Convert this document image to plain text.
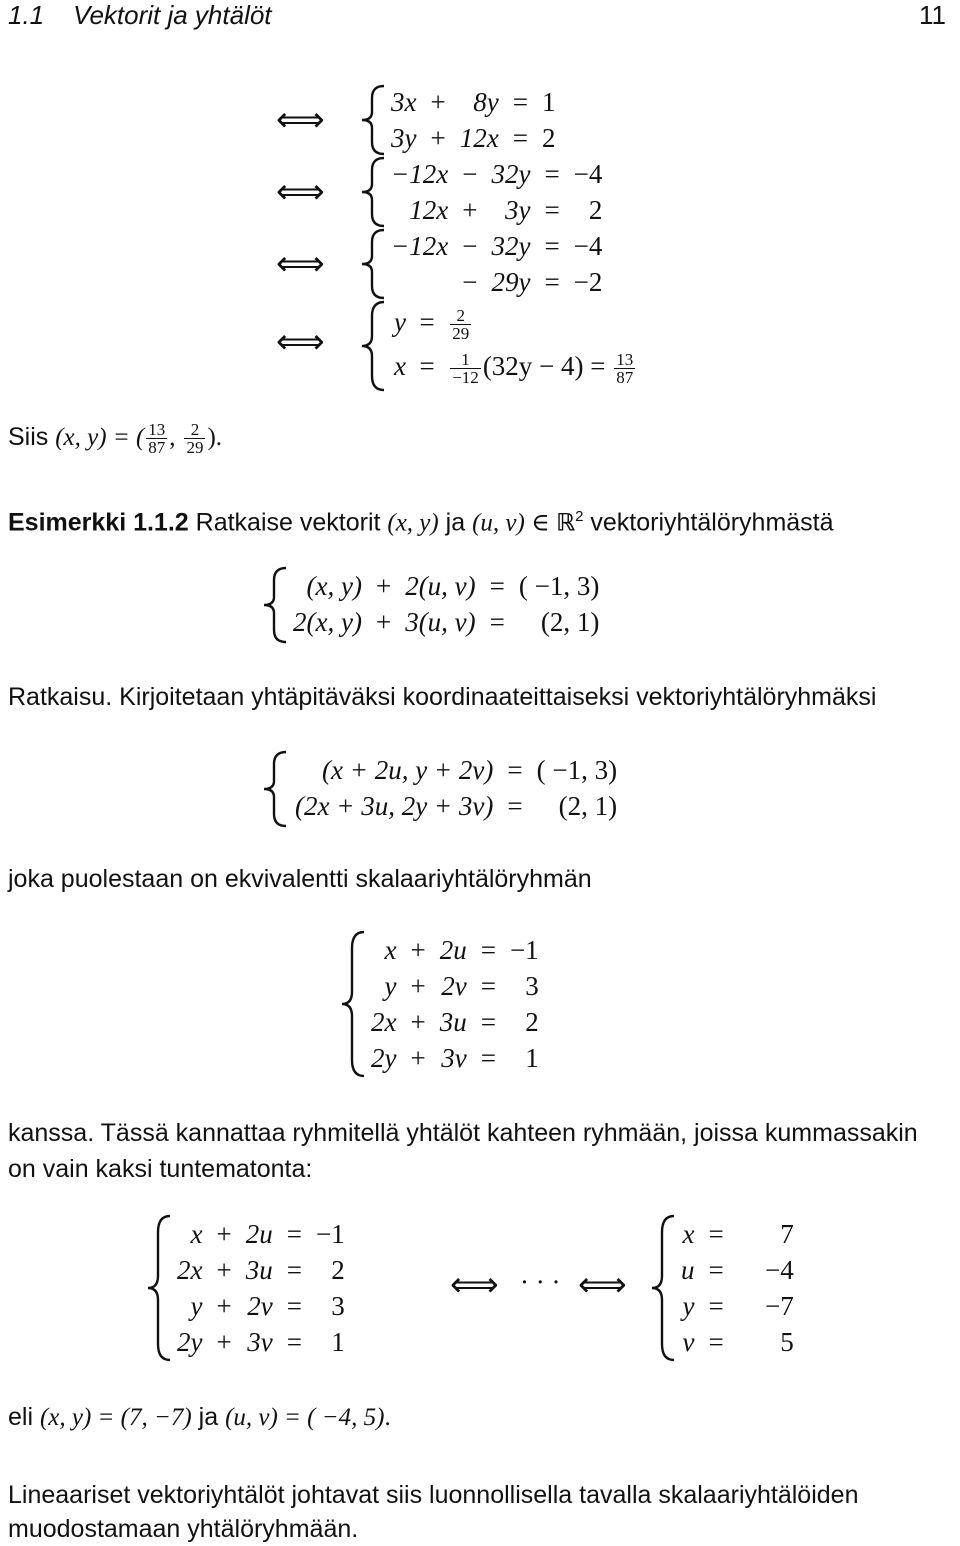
1.1 Vektorit ja yhtälöt	11
⟺
⟺
⟺
⟺
3x	+	8y	=	1
3y	+	12x	=	2
−12x	−	32y	=	−4
12x	+	3y	=	2
−12x	−	32y	=	−4
	−	29y	=	−2
$y = \frac{2}{29}$
$x = \frac{1}{-12} (32y - 4) = \frac{13}{87}$
Siis (x, y) = ( $\frac{13}{87}$ , $\frac{2}{29}$ ).
Esimerkki 1.1.2 Ratkaise vektorit (x, y) ja (u, v) ∈ ℝ$^2$ vektoriyhtälöryhmästä
(x, y)	+	2(u, v)	=	( −1, 3)
2(x, y)	+	3(u, v)	=	(2, 1)
Ratkaisu. Kirjoitetaan yhtäpitäväksi koordinaateittaiseksi vektoriyhtälöryhmäksi
(x + 2u, y + 2v)	=	( −1, 3)
(2x + 3u, 2y + 3v)	=	(2, 1)
joka puolestaan on ekvivalentti skalaariyhtälöryhmän
x	+	2u	=	−1
y	+	2v	=	3
2x	+	3u	=	2
2y	+	3v	=	1
kanssa. Tässä kannattaa ryhmitellä yhtälöt kahteen ryhmään, joissa kummassakin
on vain kaksi tuntematonta:
x	+	2u	=	−1
2x	+	3u	=	2
y	+	2v	=	3
2y	+	3v	=	1
⟺ · · · ⟺
x	=	7
u	=	−4
y	=	−7
v	=	5
eli (x, y) = (7, −7) ja (u, v) = ( −4, 5).
Lineaariset vektoriyhtälöt johtavat siis luonnollisella tavalla skalaariyhtälöiden
muodostamaan yhtälöryhmään.
